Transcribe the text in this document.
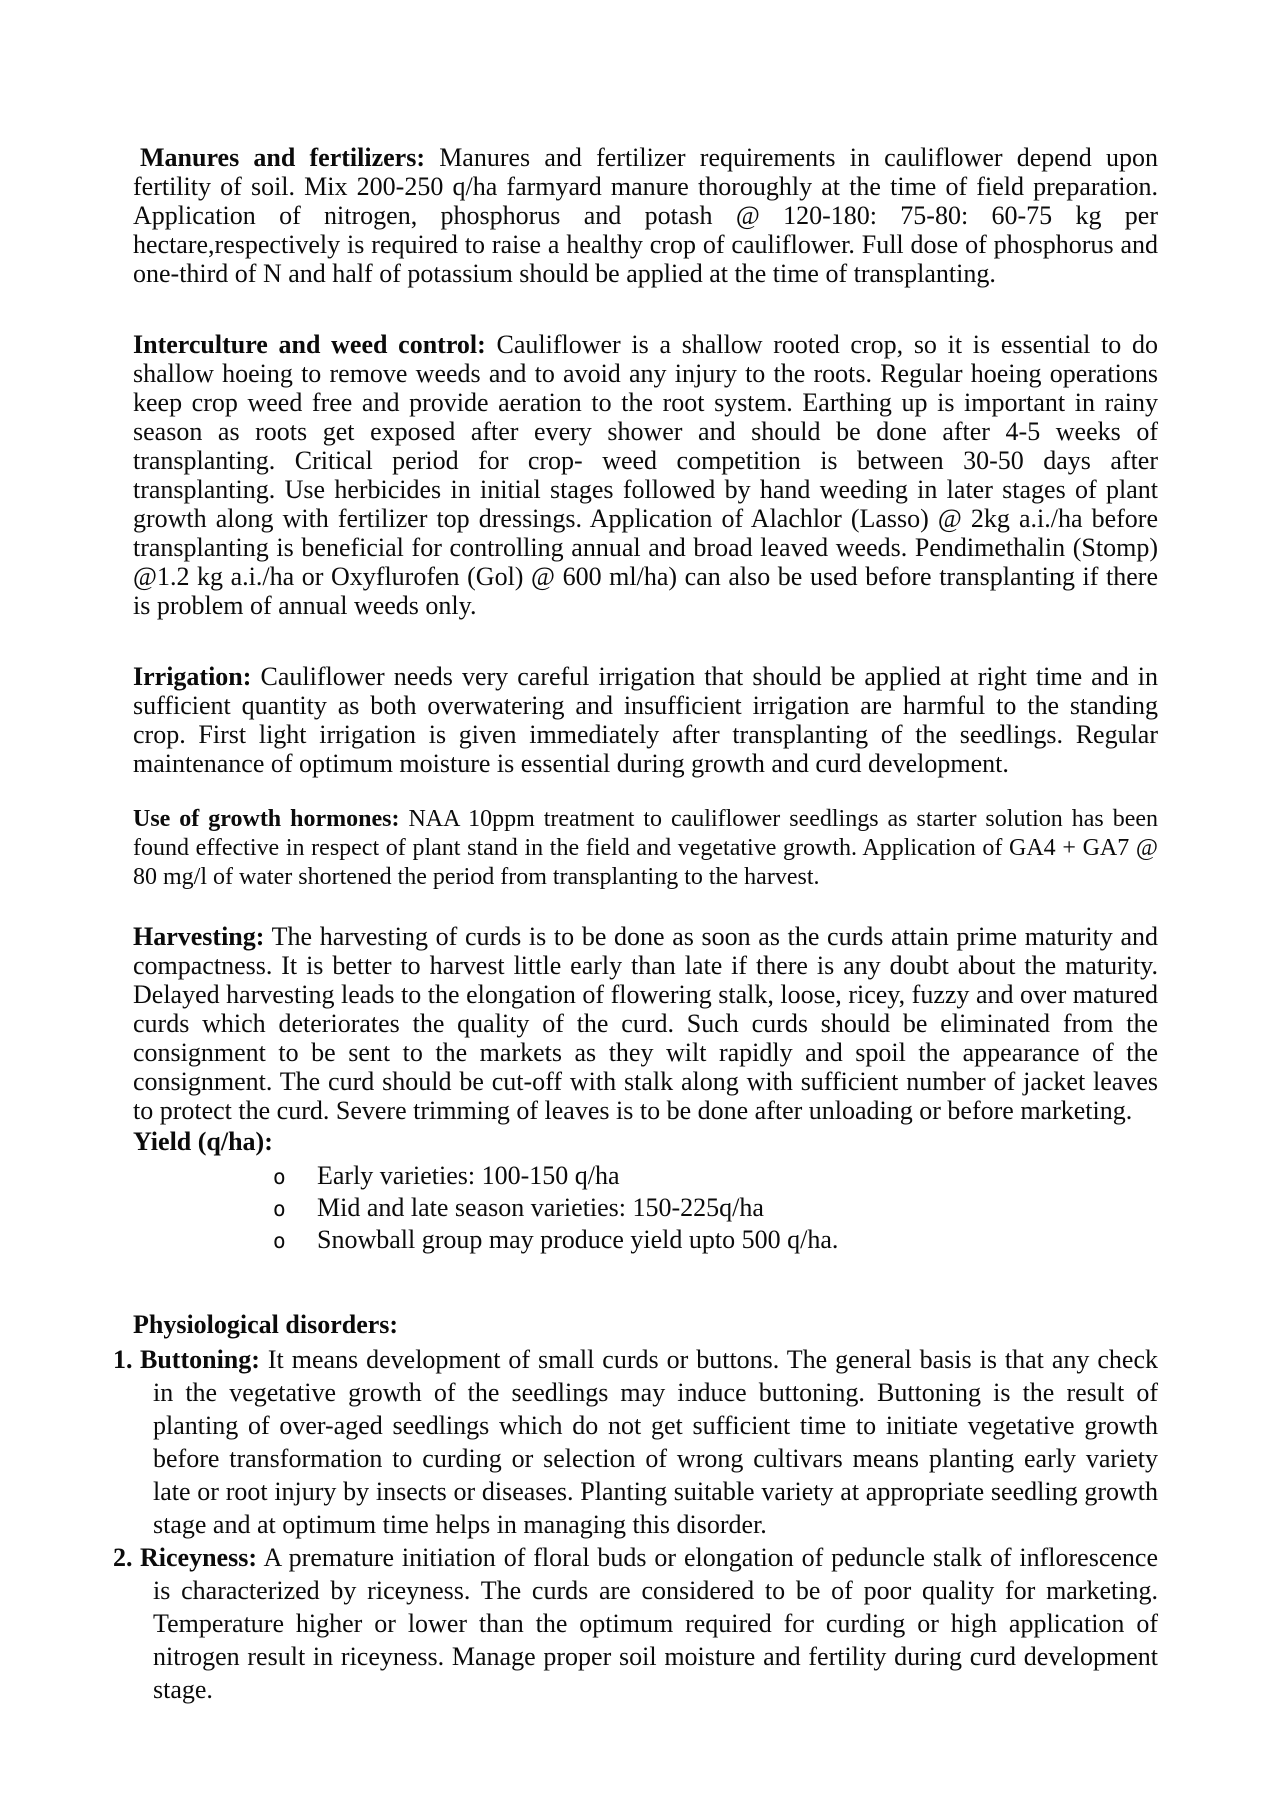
Manures and fertilizers: Manures and fertilizer requirements in cauliflower depend upon fertility of soil. Mix 200-250 q/ha farmyard manure thoroughly at the time of field preparation. Application of nitrogen, phosphorus and potash @ 120-180: 75-80: 60-75 kg per hectare,respectively is required to raise a healthy crop of cauliflower. Full dose of phosphorus and one-third of N and half of potassium should be applied at the time of transplanting.

Interculture and weed control: Cauliflower is a shallow rooted crop, so it is essential to do shallow hoeing to remove weeds and to avoid any injury to the roots. Regular hoeing operations keep crop weed free and provide aeration to the root system. Earthing up is important in rainy season as roots get exposed after every shower and should be done after 4-5 weeks of transplanting. Critical period for crop- weed competition is between 30-50 days after transplanting. Use herbicides in initial stages followed by hand weeding in later stages of plant growth along with fertilizer top dressings. Application of Alachlor (Lasso) @ 2kg a.i./ha before transplanting is beneficial for controlling annual and broad leaved weeds. Pendimethalin (Stomp) @1.2 kg a.i./ha or Oxyflurofen (Gol) @ 600 ml/ha) can also be used before transplanting if there is problem of annual weeds only.

Irrigation: Cauliflower needs very careful irrigation that should be applied at right time and in sufficient quantity as both overwatering and insufficient irrigation are harmful to the standing crop. First light irrigation is given immediately after transplanting of the seedlings. Regular maintenance of optimum moisture is essential during growth and curd development.

Use of growth hormones: NAA 10ppm treatment to cauliflower seedlings as starter solution has been found effective in respect of plant stand in the field and vegetative growth. Application of GA4 + GA7 @ 80 mg/l of water shortened the period from transplanting to the harvest.

Harvesting: The harvesting of curds is to be done as soon as the curds attain prime maturity and compactness. It is better to harvest little early than late if there is any doubt about the maturity. Delayed harvesting leads to the elongation of flowering stalk, loose, ricey, fuzzy and over matured curds which deteriorates the quality of the curd. Such curds should be eliminated from the consignment to be sent to the markets as they wilt rapidly and spoil the appearance of the consignment. The curd should be cut-off with stalk along with sufficient number of jacket leaves to protect the curd. Severe trimming of leaves is to be done after unloading or before marketing.

Yield (q/ha):

o Early varieties: 100-150 q/ha
o Mid and late season varieties: 150-225q/ha
o Snowball group may produce yield upto 500 q/ha.

Physiological disorders:

1. Buttoning: It means development of small curds or buttons. The general basis is that any check in the vegetative growth of the seedlings may induce buttoning. Buttoning is the result of planting of over-aged seedlings which do not get sufficient time to initiate vegetative growth before transformation to curding or selection of wrong cultivars means planting early variety late or root injury by insects or diseases. Planting suitable variety at appropriate seedling growth stage and at optimum time helps in managing this disorder.
2. Riceyness: A premature initiation of floral buds or elongation of peduncle stalk of inflorescence is characterized by riceyness. The curds are considered to be of poor quality for marketing. Temperature higher or lower than the optimum required for curding or high application of nitrogen result in riceyness. Manage proper soil moisture and fertility during curd development stage.
